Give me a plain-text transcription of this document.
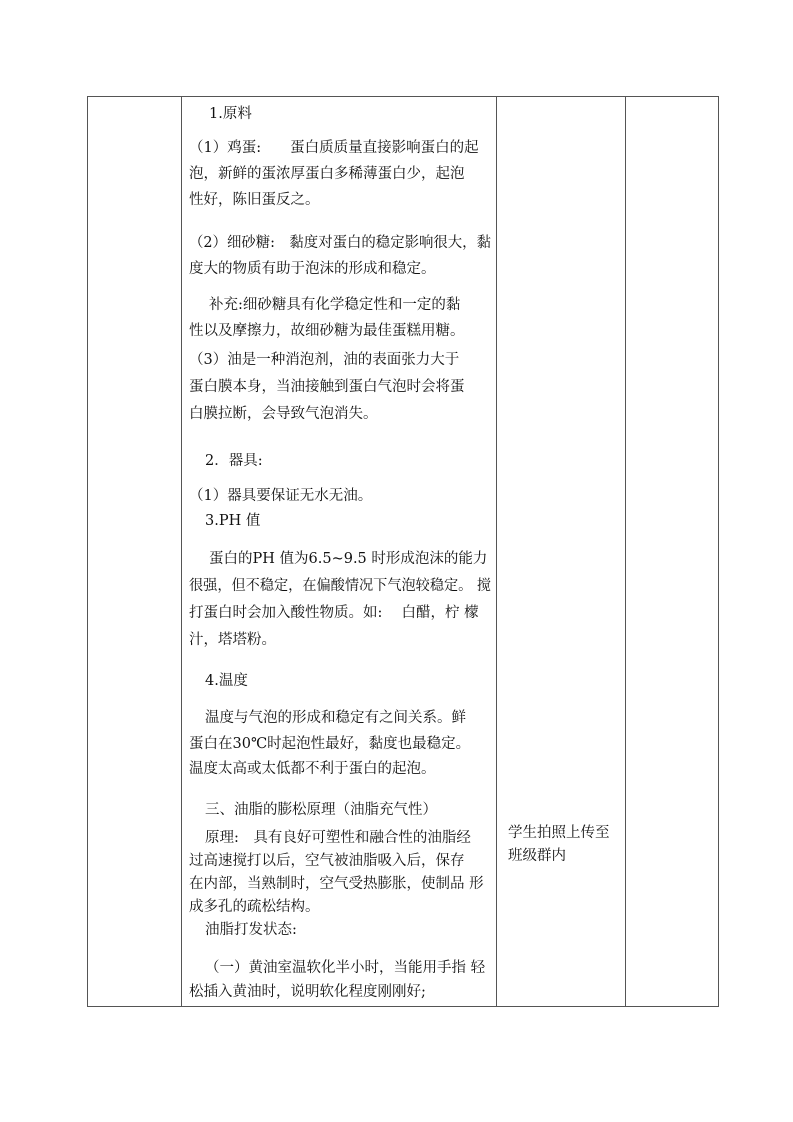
1.原料
（1）鸡蛋:　　蛋白质质量直接影响蛋白的起
泡，新鲜的蛋浓厚蛋白多稀薄蛋白少，起泡
性好，陈旧蛋反之。
（2）细砂糖:　黏度对蛋白的稳定影响很大，黏
度大的物质有助于泡沫的形成和稳定。
补充:细砂糖具有化学稳定性和一定的黏
性以及摩擦力，故细砂糖为最佳蛋糕用糖。
（3）油是一种消泡剂，油的表面张力大于
蛋白膜本身，当油接触到蛋白气泡时会将蛋
白膜拉断，会导致气泡消失。
2．器具:
（1）器具要保证无水无油。
3.PH 值
蛋白的PH 值为6.5~9.5 时形成泡沫的能力
很强，但不稳定，在偏酸情况下气泡较稳定。 搅
打蛋白时会加入酸性物质。如:　 白醋，柠 檬
汁，塔塔粉。
4.温度
温度与气泡的形成和稳定有之间关系。鲜
蛋白在30℃时起泡性最好，黏度也最稳定。
温度太高或太低都不利于蛋白的起泡。
三、油脂的膨松原理（油脂充气性）
原理:　具有良好可塑性和融合性的油脂经
过高速搅打以后，空气被油脂吸入后，保存
在内部，当熟制时，空气受热膨胀，使制品 形
成多孔的疏松结构。
油脂打发状态:
（一）黄油室温软化半小时，当能用手指 轻
松插入黄油时，说明软化程度刚刚好;
学生拍照上传至
班级群内
